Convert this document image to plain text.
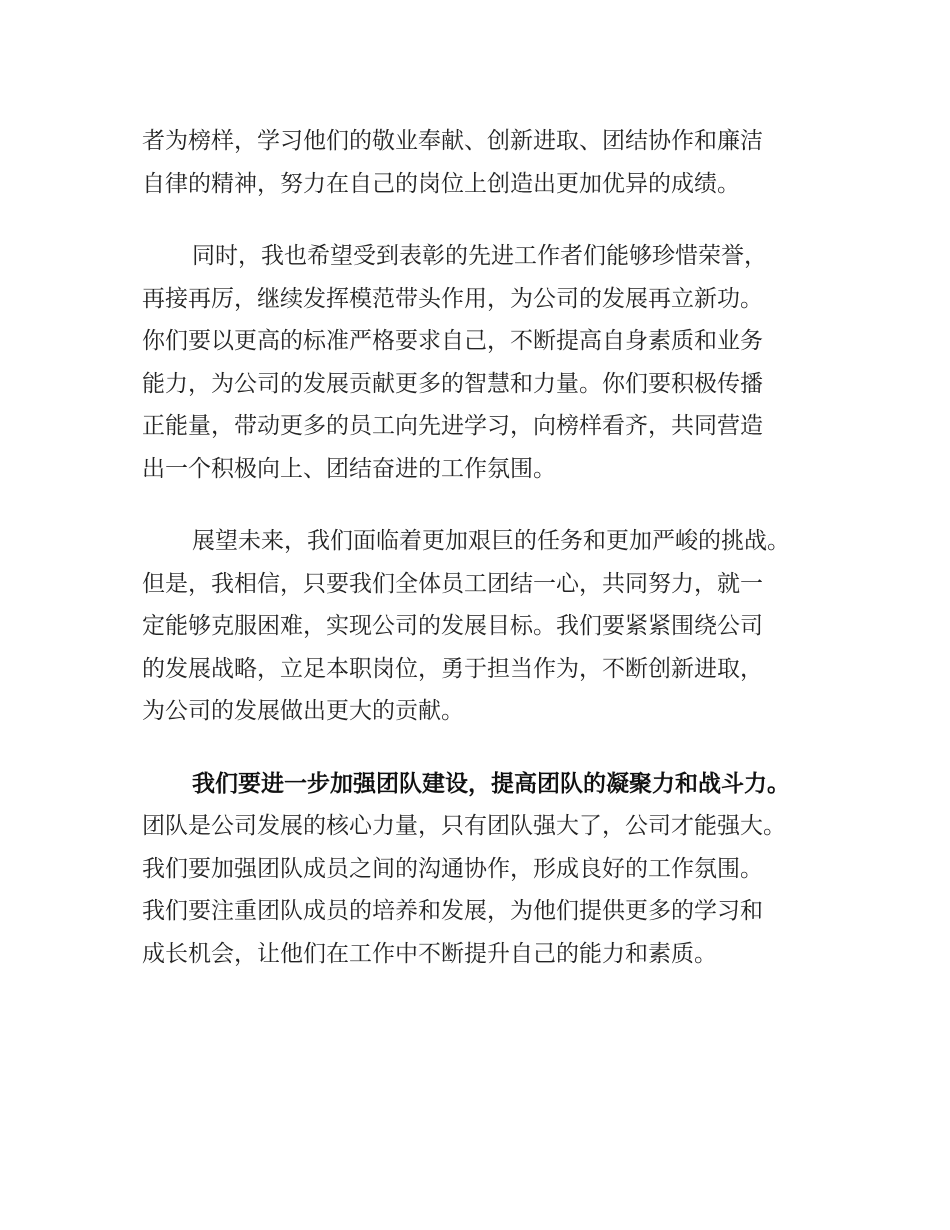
者为榜样，学习他们的敬业奉献、创新进取、团结协作和廉洁
自律的精神，努力在自己的岗位上创造出更加优异的成绩。

同时，我也希望受到表彰的先进工作者们能够珍惜荣誉，
再接再厉，继续发挥模范带头作用，为公司的发展再立新功。
你们要以更高的标准严格要求自己，不断提高自身素质和业务
能力，为公司的发展贡献更多的智慧和力量。你们要积极传播
正能量，带动更多的员工向先进学习，向榜样看齐，共同营造
出一个积极向上、团结奋进的工作氛围。

展望未来，我们面临着更加艰巨的任务和更加严峻的挑战。
但是，我相信，只要我们全体员工团结一心，共同努力，就一
定能够克服困难，实现公司的发展目标。我们要紧紧围绕公司
的发展战略，立足本职岗位，勇于担当作为，不断创新进取，
为公司的发展做出更大的贡献。

我们要进一步加强团队建设，提高团队的凝聚力和战斗力。
团队是公司发展的核心力量，只有团队强大了，公司才能强大。
我们要加强团队成员之间的沟通协作，形成良好的工作氛围。
我们要注重团队成员的培养和发展，为他们提供更多的学习和
成长机会，让他们在工作中不断提升自己的能力和素质。
